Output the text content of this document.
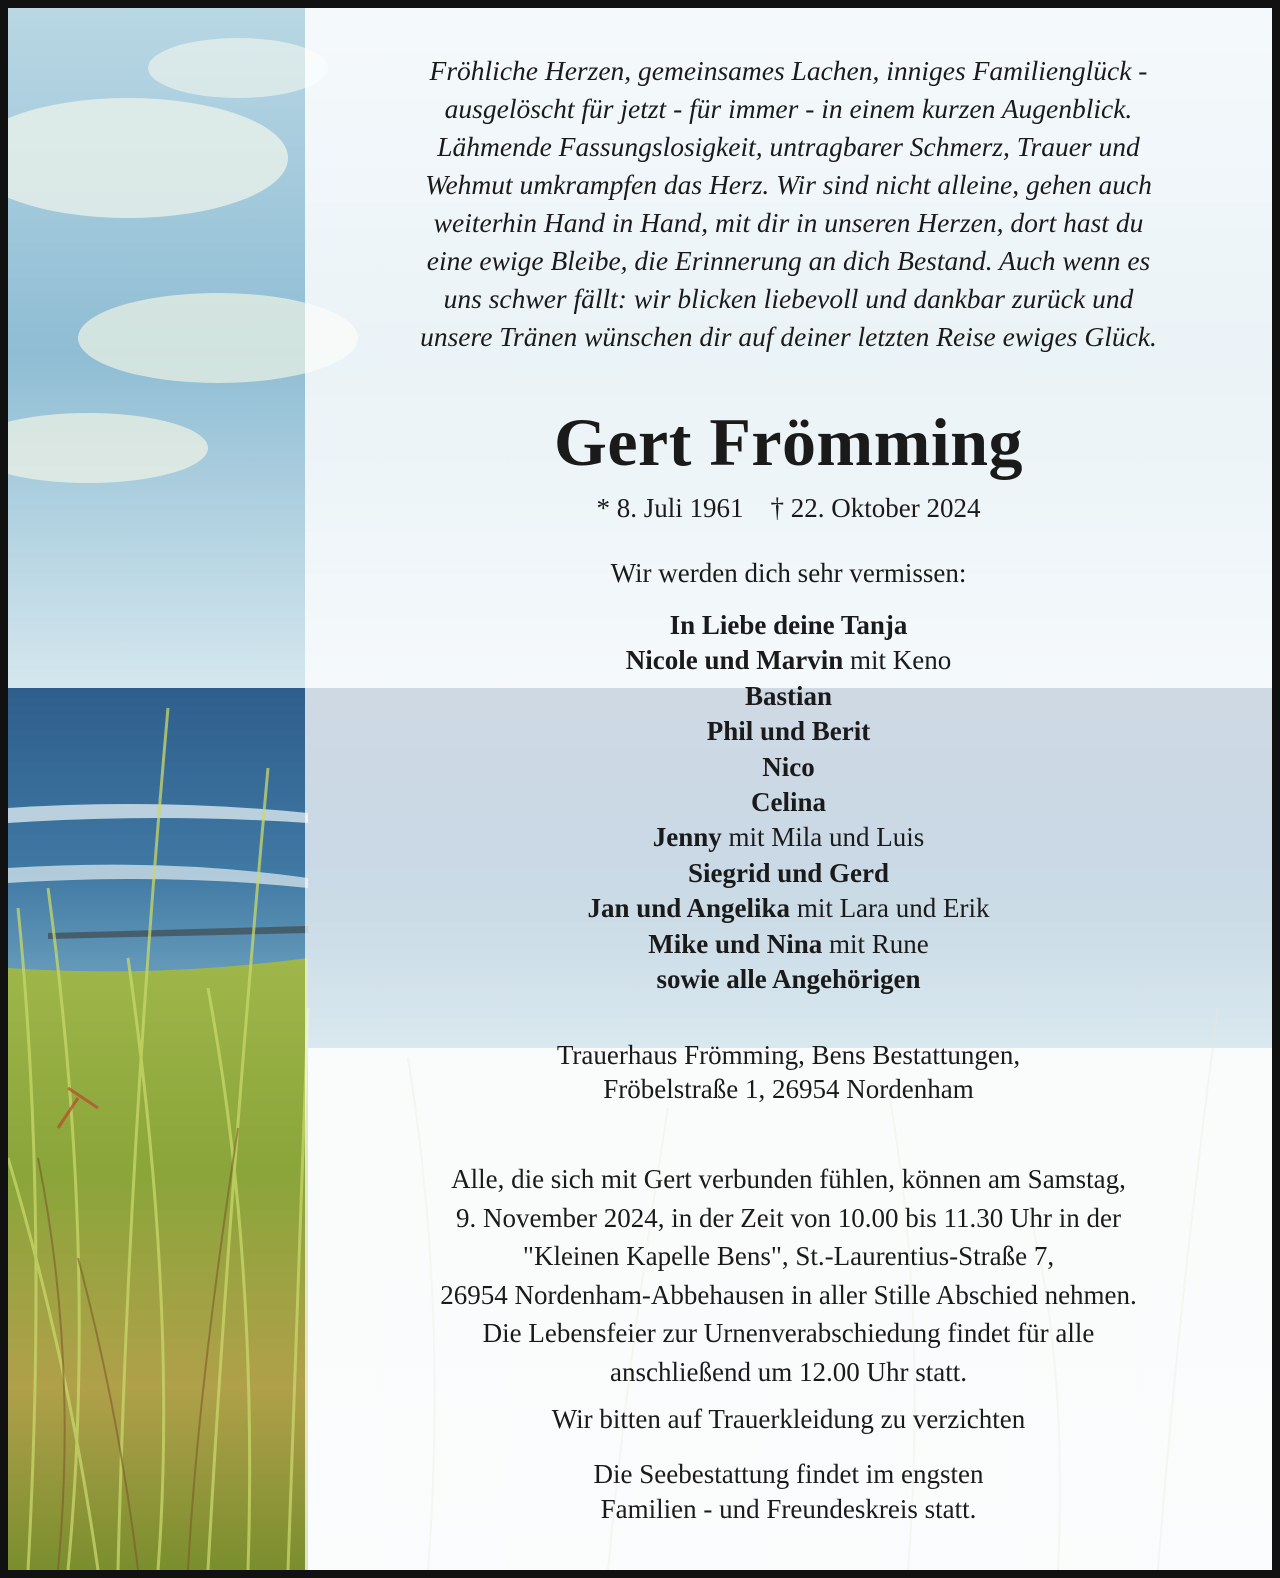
Fröhliche Herzen, gemeinsames Lachen, inniges Familienglück -
ausgelöscht für jetzt - für immer - in einem kurzen Augenblick.
Lähmende Fassungslosigkeit, untragbarer Schmerz, Trauer und
Wehmut umkrampfen das Herz. Wir sind nicht alleine, gehen auch
weiterhin Hand in Hand, mit dir in unseren Herzen, dort hast du
eine ewige Bleibe, die Erinnerung an dich Bestand. Auch wenn es
uns schwer fällt: wir blicken liebevoll und dankbar zurück und
unsere Tränen wünschen dir auf deiner letzten Reise ewiges Glück.
Gert Frömming
* 8. Juli 1961 † 22. Oktober 2024
Wir werden dich sehr vermissen:
In Liebe deine Tanja
Nicole und Marvin mit Keno
Bastian
Phil und Berit
Nico
Celina
Jenny mit Mila und Luis
Siegrid und Gerd
Jan und Angelika mit Lara und Erik
Mike und Nina mit Rune
sowie alle Angehörigen
Trauerhaus Frömming, Bens Bestattungen,
Fröbelstraße 1, 26954 Nordenham
Alle, die sich mit Gert verbunden fühlen, können am Samstag,
9. November 2024, in der Zeit von 10.00 bis 11.30 Uhr in der
"Kleinen Kapelle Bens", St.-Laurentius-Straße 7,
26954 Nordenham-Abbehausen in aller Stille Abschied nehmen.
Die Lebensfeier zur Urnenverabschiedung findet für alle
anschließend um 12.00 Uhr statt.
Wir bitten auf Trauerkleidung zu verzichten
Die Seebestattung findet im engsten
Familien - und Freundeskreis statt.
